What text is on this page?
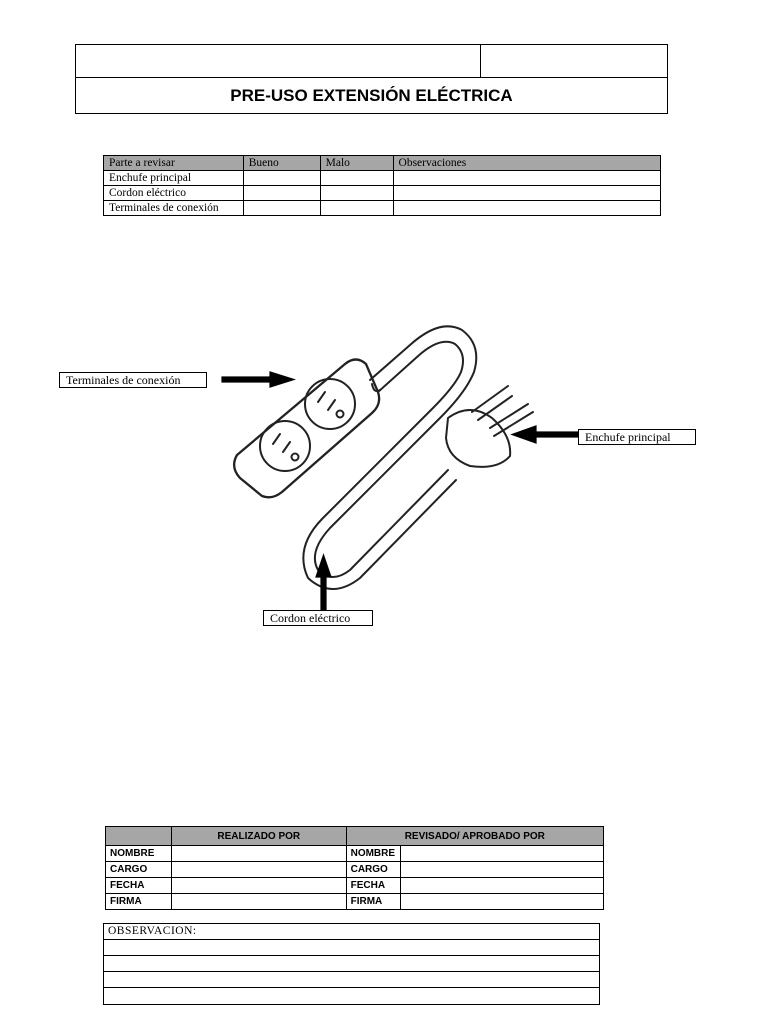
PRE-USO EXTENSIÓN ELÉCTRICA
Parte a revisar	Bueno	Malo	Observaciones
Enchufe principal			
Cordon eléctrico			
Terminales de conexión			
Terminales de conexión
Enchufe principal
Cordon eléctrico
	REALIZADO POR	REVISADO/ APROBADO POR	
NOMBRE		NOMBRE	
CARGO		CARGO	
FECHA		FECHA	
FIRMA		FIRMA	
OBSERVACION:
